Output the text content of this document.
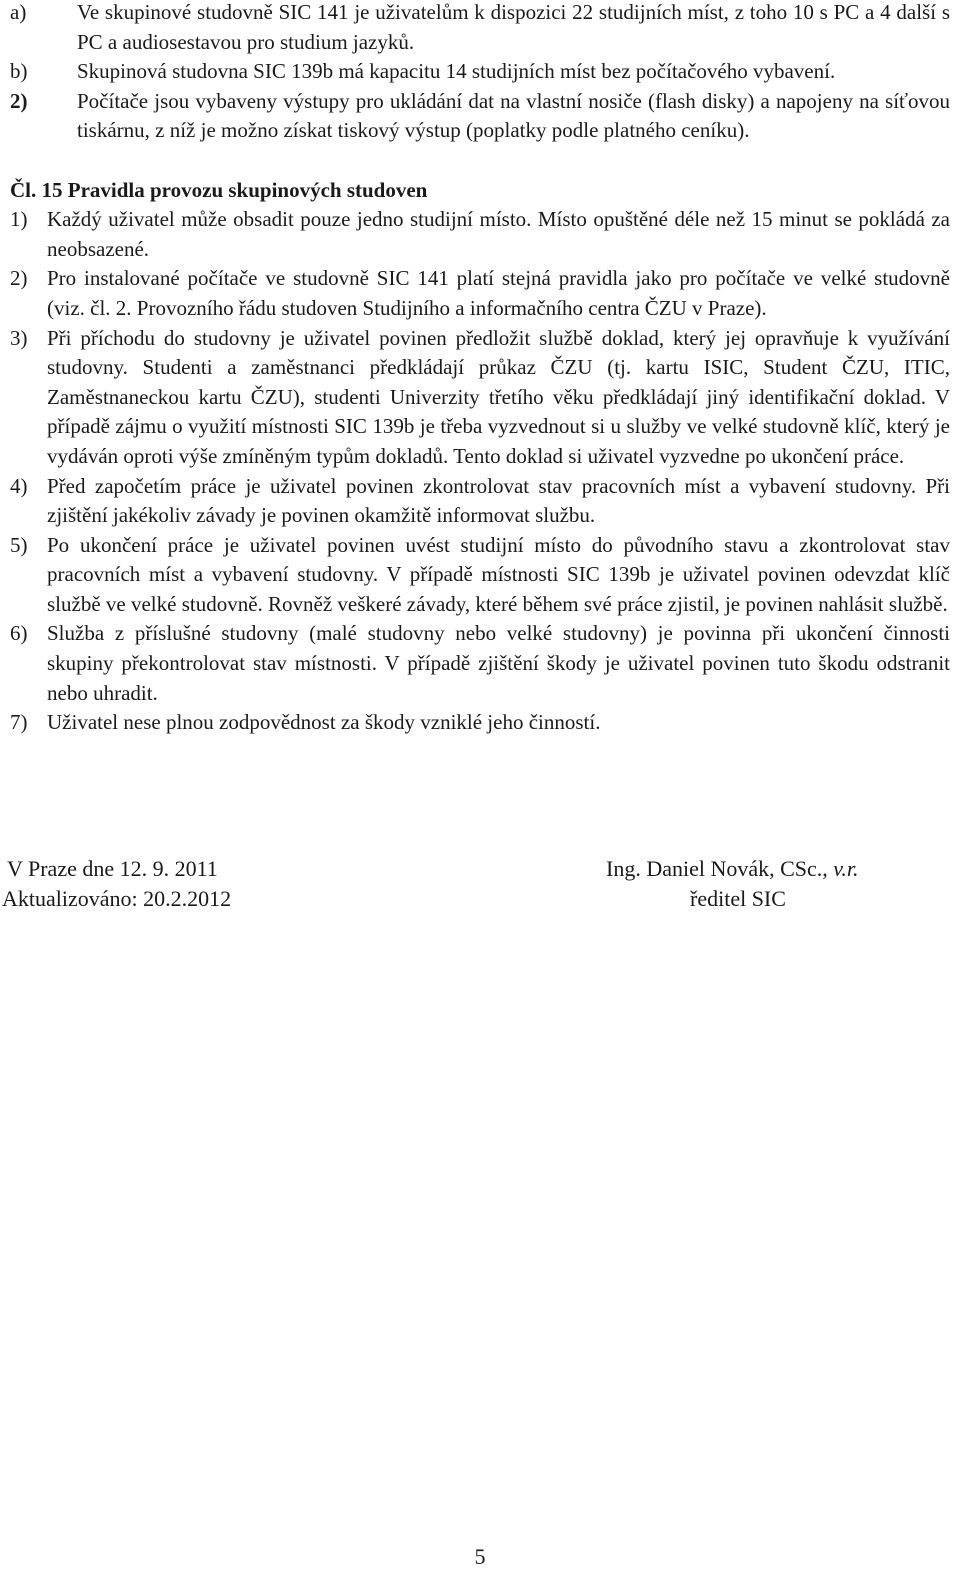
a) Ve skupinové studovně SIC 141 je uživatelům k dispozici 22 studijních míst, z toho 10 s PC a 4 další s PC a audiosestavou pro studium jazyků.
b) Skupinová studovna SIC 139b má kapacitu 14 studijních míst bez počítačového vybavení.
2) Počítače jsou vybaveny výstupy pro ukládání dat na vlastní nosiče (flash disky) a napojeny na síťovou tiskárnu, z níž je možno získat tiskový výstup (poplatky podle platného ceníku).
Čl. 15 Pravidla provozu skupinových studoven
1) Každý uživatel může obsadit pouze jedno studijní místo. Místo opuštěné déle než 15 minut se pokládá za neobsazené.
2) Pro instalované počítače ve studovně SIC 141 platí stejná pravidla jako pro počítače ve velké studovně (viz. čl. 2. Provozního řádu studoven Studijního a informačního centra ČZU v Praze).
3) Při příchodu do studovny je uživatel povinen předložit službě doklad, který jej opravňuje k využívání studovny. Studenti a zaměstnanci předkládají průkaz ČZU (tj. kartu ISIC, Student ČZU, ITIC, Zaměstnaneckou kartu ČZU), studenti Univerzity třetího věku předkládají jiný identifikační doklad. V případě zájmu o využití místnosti SIC 139b je třeba vyzvednout si u služby ve velké studovně klíč, který je vydáván oproti výše zmíněným typům dokladů. Tento doklad si uživatel vyzvedne po ukončení práce.
4) Před započetím práce je uživatel povinen zkontrolovat stav pracovních míst a vybavení studovny. Při zjištění jakékoliv závady je povinen okamžitě informovat službu.
5) Po ukončení práce je uživatel povinen uvést studijní místo do původního stavu a zkontrolovat stav pracovních míst a vybavení studovny. V případě místnosti SIC 139b je uživatel povinen odevzdat klíč službě ve velké studovně. Rovněž veškeré závady, které během své práce zjistil, je povinen nahlásit službě.
6) Služba z příslušné studovny (malé studovny nebo velké studovny) je povinna při ukončení činnosti skupiny překontrolovat stav místnosti. V případě zjištění škody je uživatel povinen tuto škodu odstranit nebo uhradit.
7) Uživatel nese plnou zodpovědnost za škody vzniklé jeho činností.
V Praze dne 12. 9. 2011	Ing. Daniel Novák, CSc., v.r.
Aktualizováno: 20.2.2012	ředitel SIC
5
